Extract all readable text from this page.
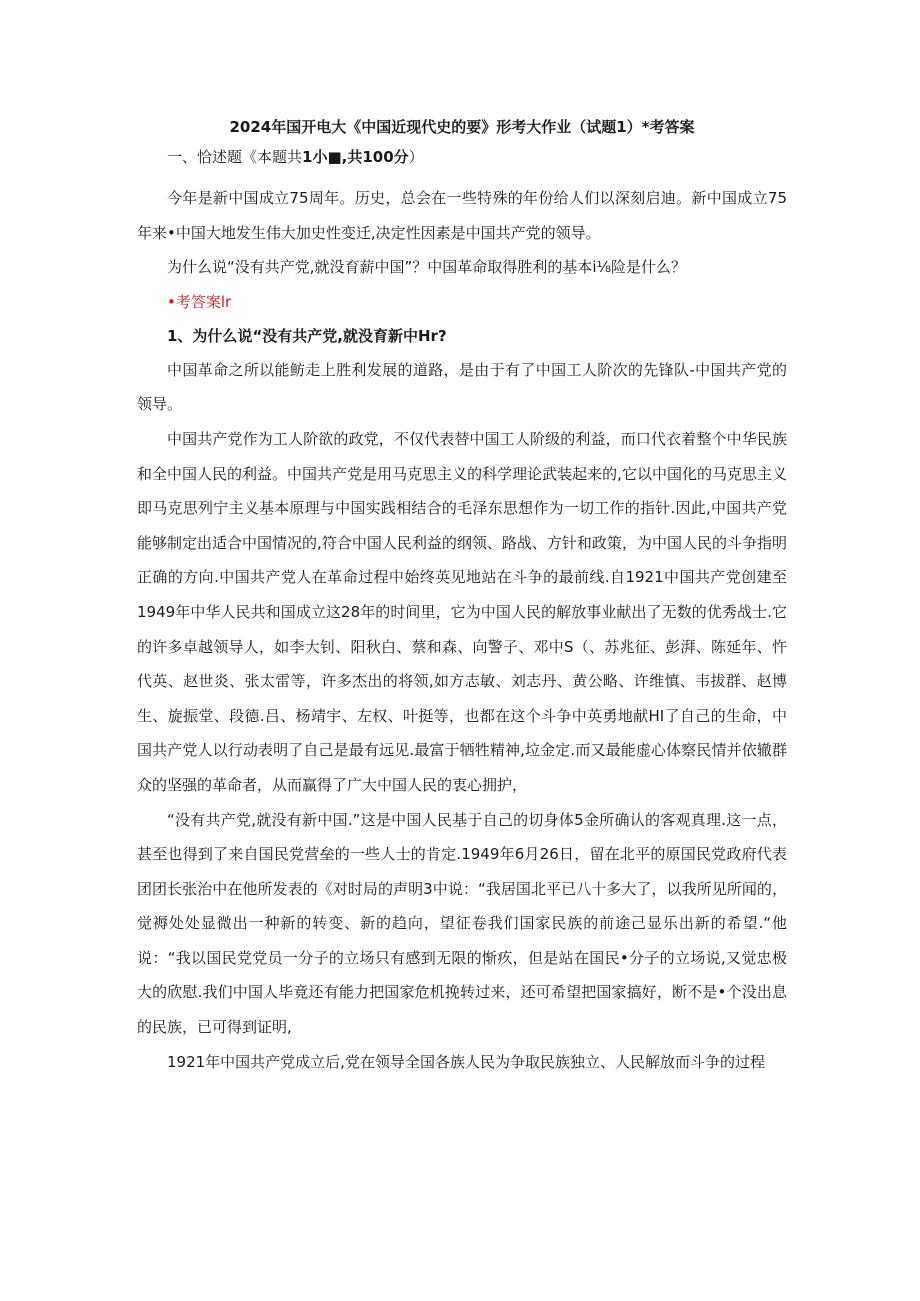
2024年国开电大《中国近现代史的要》形考大作业（试题1）*考答案
一、恰述题《本题共1小■,共100分）

今年是新中国成立75周年。历史，总会在一些特殊的年份给人们以深刻启迪。新中国成立75年来•中国大地发生伟大加史性变迁,决定性因素是中国共产党的领导。

为什么说“没有共产党,就没育薪中国”？中国革命取得胜利的基本i⅛险是什么？

•考答案lr
1、为什么说“没有共产党,就没育新中Hr?

中国革命之所以能鲂走上胜利发展的道路，是由于有了中国工人阶次的先锋队-中国共产党的领导。

中国共产党作为工人阶欲的政党，不仅代表替中国工人阶级的利益，而口代衣着整个中华民族和全中国人民的利益。中国共产党是用马克思主义的科学理论武装起来的,它以中国化的马克思主义即马克思列宁主义基本原理与中国实践相结合的毛泽东思想作为一切工作的指针.因此,中国共产党能够制定出适合中国情况的,符合中国人民利益的纲领、路战、方针和政策，为中国人民的斗争指明正确的方向.中国共产党人在革命过程中始终英见地站在斗争的最前线.自1921中国共产党创建至1949年中华人民共和国成立这28年的时间里，它为中国人民的解放事业献出了无数的优秀战士.它的许多卓越领导人，如李大钊、阳秋白、蔡和森、向警子、邓中S（、苏兆征、彭湃、陈延年、忤代英、赵世炎、张太雷等，许多杰出的将领,如方志敏、刘志丹、黄公略、许维慎、韦拔群、赵博生、旋振堂、段德.吕、杨靖宇、左权、叶挺等，也都在这个斗争中英勇地献HI了自己的生命，中国共产党人以行动表明了自己是最有远见.最富于牺牲精神,垃金定.而又最能虚心体察民情并依辙群众的坚强的革命者，从而赢得了广大中国人民的衷心拥护，

“没有共产党,就没有新中国.”这是中国人民基于自己的切身体5金所确认的客观真理.这一点，甚至也得到了来自国民党营垒的一些人士的肯定.1949年6月26日，留在北平的原国民党政府代表团团长张治中在他所发表的《对时局的声明3中说：“我居国北平已八十多大了，以我所见所闻的，觉褥处处显微出一种新的转变、新的趋向，望征卷我们国家民族的前途己显乐出新的希望.“他说：“我以国民党党员一分子的立场只有感到无限的惭疚，但是站在国民•分子的立场说,又觉忠极大的欣慰.我们中国人毕竟还有能力把国家危机挽转过来，还可希望把国家搞好，断不是•个没出息的民族，已可得到证明,

1921年中国共产党成立后,党在领导全国各族人民为争取民族独立、人民解放而斗争的过程
